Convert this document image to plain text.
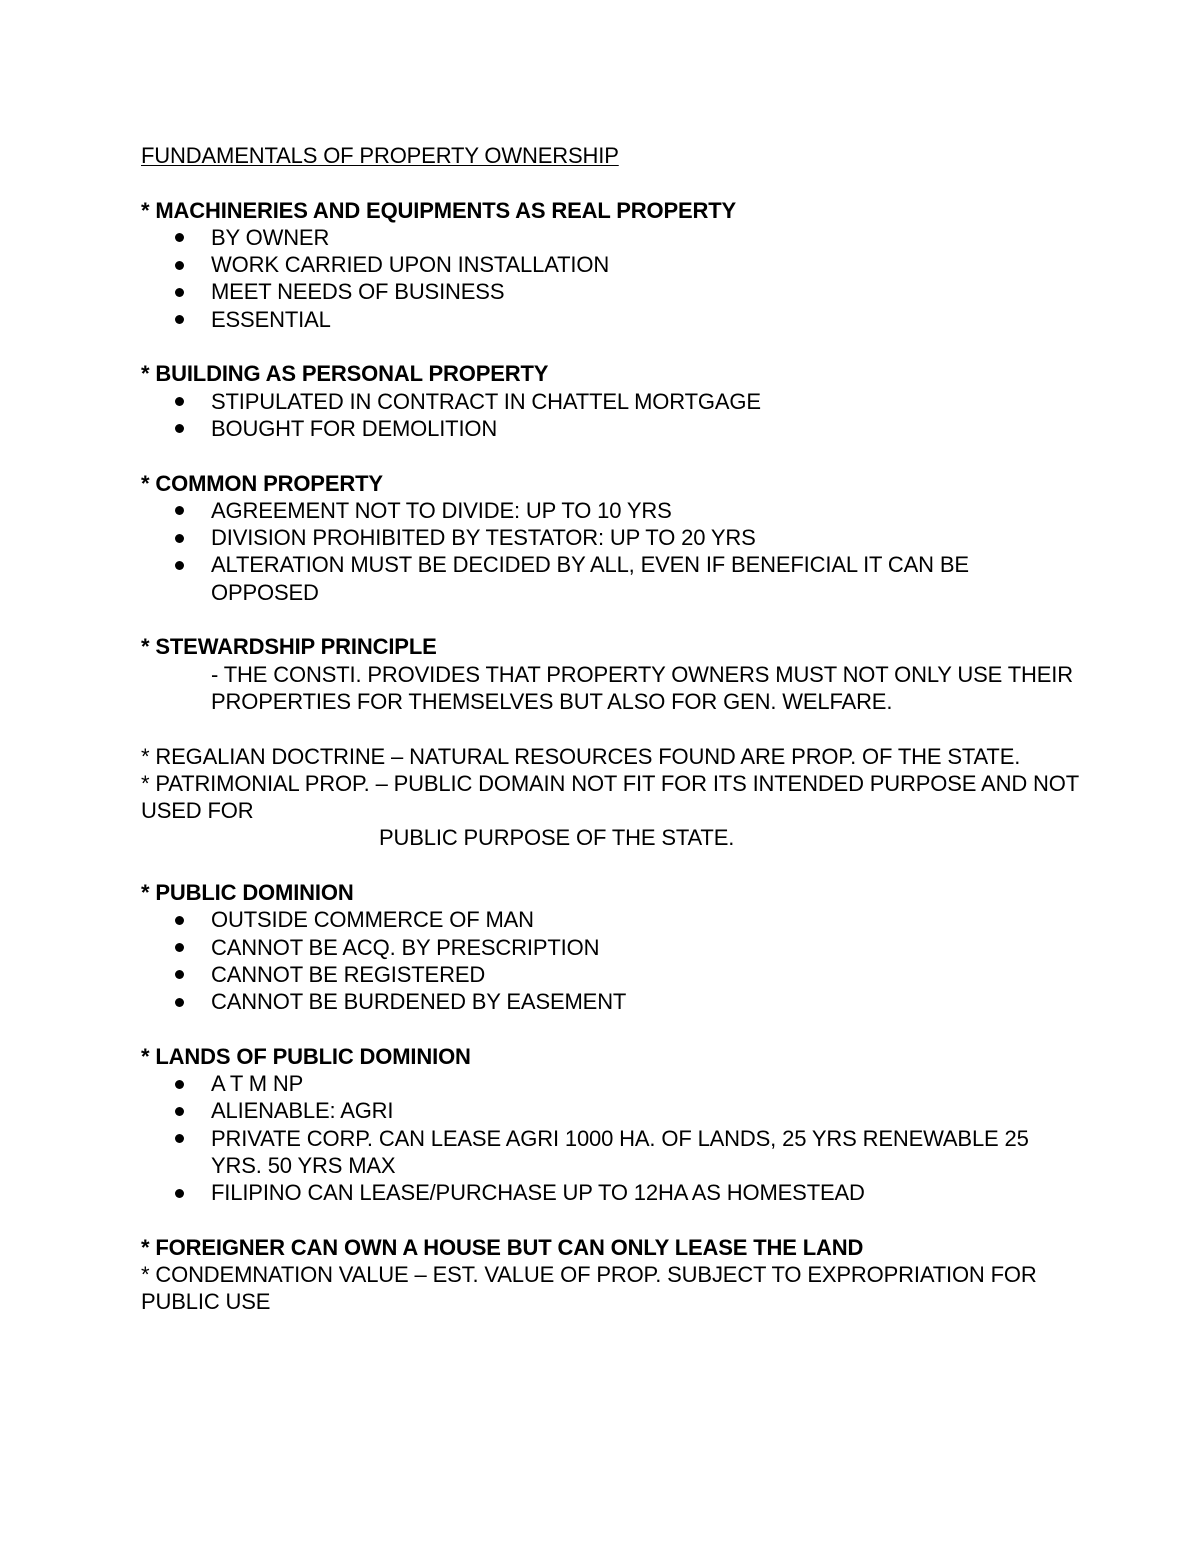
FUNDAMENTALS OF PROPERTY OWNERSHIP
* MACHINERIES AND EQUIPMENTS AS REAL PROPERTY
BY OWNER
WORK CARRIED UPON INSTALLATION
MEET NEEDS OF BUSINESS
ESSENTIAL
* BUILDING AS PERSONAL PROPERTY
STIPULATED IN CONTRACT IN CHATTEL MORTGAGE
BOUGHT FOR DEMOLITION
* COMMON PROPERTY
AGREEMENT NOT TO DIVIDE: UP TO 10 YRS
DIVISION PROHIBITED BY TESTATOR: UP TO 20 YRS
ALTERATION MUST BE DECIDED BY ALL, EVEN IF BENEFICIAL IT CAN BE OPPOSED
* STEWARDSHIP PRINCIPLE
- THE CONSTI. PROVIDES THAT PROPERTY OWNERS MUST NOT ONLY USE THEIR
PROPERTIES FOR THEMSELVES BUT ALSO FOR GEN. WELFARE.
* REGALIAN DOCTRINE – NATURAL RESOURCES FOUND ARE PROP. OF THE STATE.
* PATRIMONIAL PROP. – PUBLIC DOMAIN NOT FIT FOR ITS INTENDED PURPOSE AND NOT USED FOR
PUBLIC PURPOSE OF THE STATE.
* PUBLIC DOMINION
OUTSIDE COMMERCE OF MAN
CANNOT BE ACQ. BY PRESCRIPTION
CANNOT BE REGISTERED
CANNOT BE BURDENED BY EASEMENT
* LANDS OF PUBLIC DOMINION
A T M NP
ALIENABLE: AGRI
PRIVATE CORP. CAN LEASE AGRI 1000 HA. OF LANDS, 25 YRS RENEWABLE 25 YRS. 50 YRS MAX
FILIPINO CAN LEASE/PURCHASE UP TO 12HA AS HOMESTEAD
* FOREIGNER CAN OWN A HOUSE BUT CAN ONLY LEASE THE LAND
* CONDEMNATION VALUE – EST. VALUE OF PROP. SUBJECT TO EXPROPRIATION FOR PUBLIC USE
